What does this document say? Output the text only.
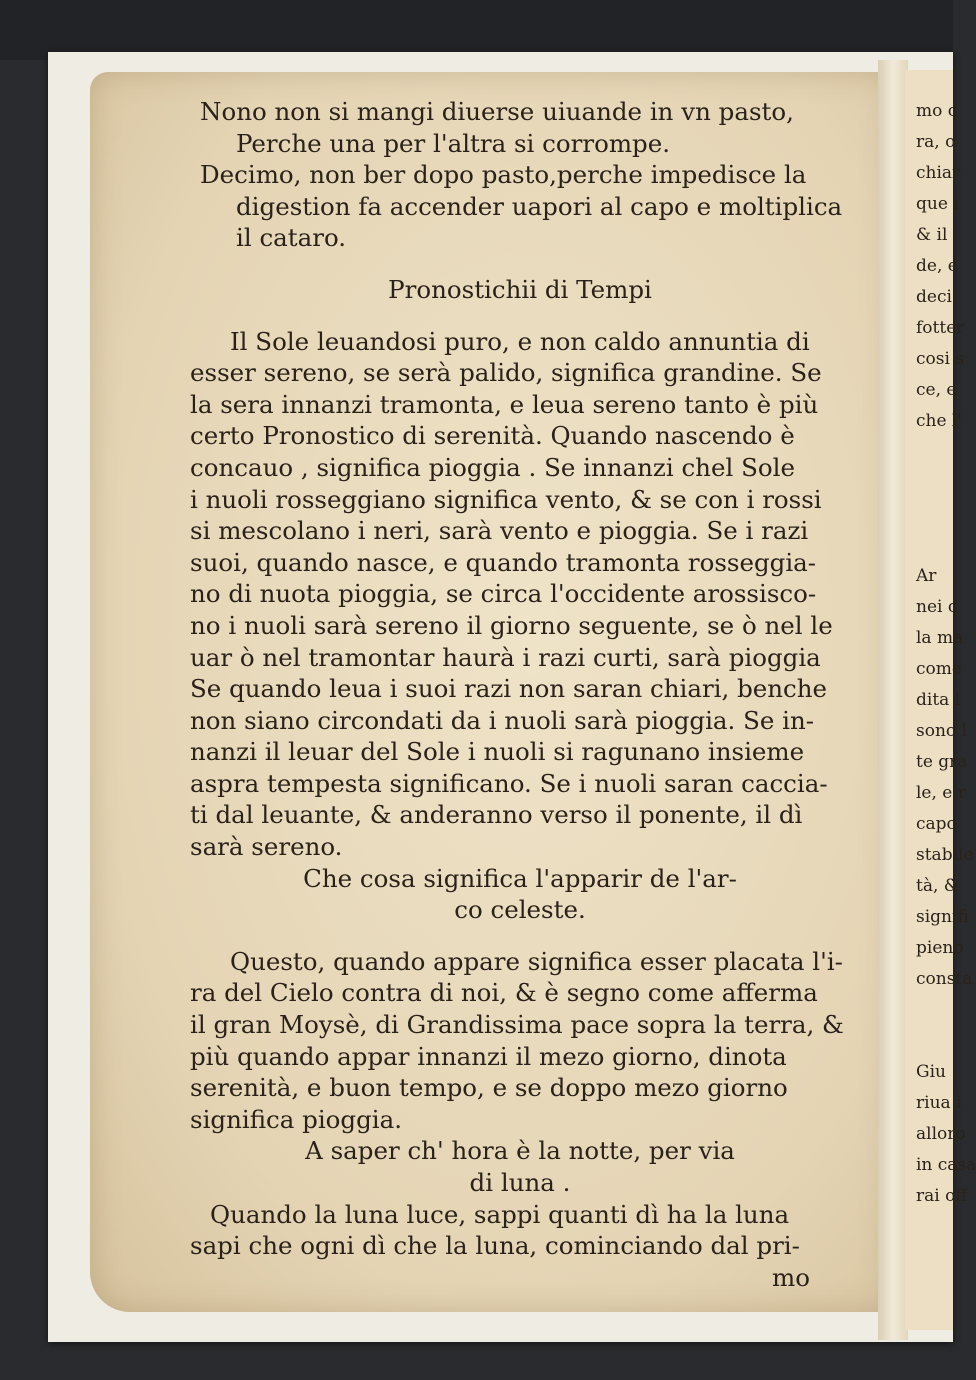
Nono non si mangi diuerse uiuande in vn pasto,
Perche una per l'altra si corrompe.
Decimo, non ber dopo pasto,perche impedisce la
digestion fa accender uapori al capo e moltiplica
il cataro.
Pronostichii di Tempi
Il Sole leuandosi puro, e non caldo annuntia di
esser sereno, se serà palido, significa grandine. Se
la sera innanzi tramonta, e leua sereno tanto è più
certo Pronostico di serenità. Quando nascendo è
concauo , significa pioggia . Se innanzi chel Sole
i nuoli rosseggiano significa vento, & se con i rossi
si mescolano i neri, sarà vento e pioggia. Se i razi
suoi, quando nasce, e quando tramonta rosseggia-
no di nuota pioggia, se circa l'occidente arossisco-
no i nuoli sarà sereno il giorno seguente, se ò nel le
uar ò nel tramontar haurà i razi curti, sarà pioggia
Se quando leua i suoi razi non saran chiari, benche
non siano circondati da i nuoli sarà pioggia. Se in-
nanzi il leuar del Sole i nuoli si ragunano insieme
aspra tempesta significano. Se i nuoli saran caccia-
ti dal leuante, & anderanno verso il ponente, il dì
sarà sereno.
Che cosa significa l'apparir de l'ar-
co celeste.
Questo, quando appare significa esser placata l'i-
ra del Cielo contra di noi, & è segno come afferma
il gran Moysè, di Grandissima pace sopra la terra, &
più quando appar innanzi il mezo giorno, dinota
serenità, e buon tempo, e se doppo mezo giorno
significa pioggia.
A saper ch' hora è la notte, per via
di luna .
Quando la luna luce, sappi quanti dì ha la luna
sapi che ogni dì che la luna, cominciando dal pri-
mo
mo c
ra, o
chiar
que i
& il
de, e
deci
fotter
cosi s
ce, e
che l'

Ar
nei c
la ma
come
dita l
sono l
te gra
le, e r
capo
stabile
tà, &
signifi
pieno
consta

Giu
riua i
alloro
in casa
rai off
